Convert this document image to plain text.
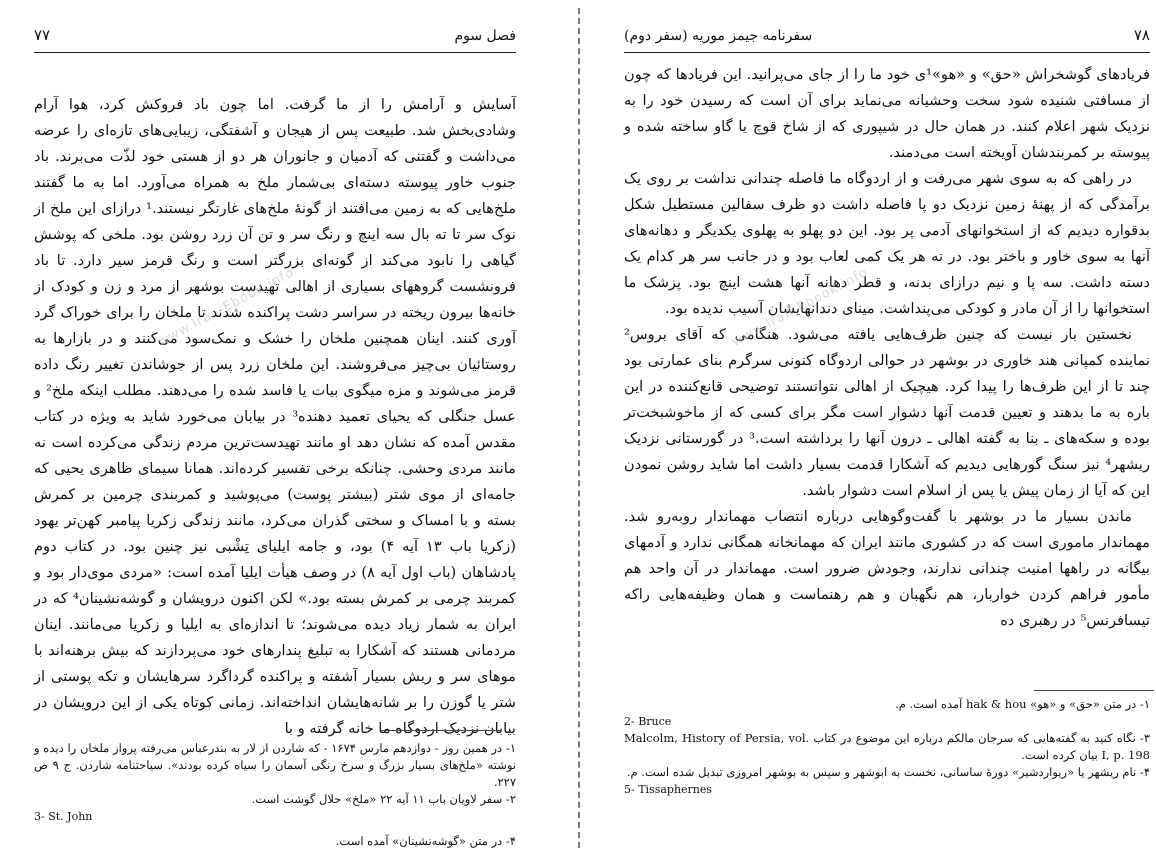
فصل سوم
۷۷

آسایش و آرامش را از ما گرفت. اما چون باد فروکش کرد، هوا آرام وشادی‌بخش شد. طبیعت پس از هیجان و آشفتگی، زیبایی‌های تازه‌ای را عرضه می‌داشت و گفتنی که آدمیان و جانوران هر دو از هستی خود لذّت می‌برند. باد جنوب خاور پیوسته دسته‌ای بی‌شمار ملخ به همراه می‌آورد. اما به ما گفتند ملخ‌هایی که به زمین می‌افتند از گونهٔ ملخ‌های غارتگر نیستند.¹ درازای این ملخ از نوک سر تا ته بال سه اینچ و رنگ سر و تن آن زرد روشن بود. ملخی که پوشش گیاهی را نابود می‌کند از گونه‌ای بزرگتر است و رنگ قرمز سیر دارد. تا باد فرونشست گروههای بسیاری از اهالی تهیدست بوشهر از مرد و زن و کودک از خانه‌ها بیرون ریخته در سراسر دشت پراکنده شدند تا ملخان را برای خوراک گرد آوری کنند. اینان همچنین ملخان را خشک و نمک‌سود می‌کنند و در بازارها به روستائیان بی‌چیز می‌فروشند. این ملخان زرد پس از جوشاندن تغییر رنگ داده قرمز می‌شوند و مزه میگوی بیات یا فاسد شده را می‌دهند. مطلب اینکه ملخ² و عسل جنگلی که یحیای تعمید دهنده³ در بیابان می‌خورد شاید به ویژه در کتاب مقدس آمده که نشان دهد او مانند تهیدست‌ترین مردم زندگی می‌کرده است نه مانند مردی وحشی. چنانکه برخی تفسیر کرده‌اند. همانا سیمای ظاهری یحیی که جامه‌ای از موی شتر (بیشتر پوست) می‌پوشید و کمربندی چرمین بر کمرش بسته و با امساک و سختی گذران می‌کرد، مانند زندگی زکریا پیامبر کهن‌تر یهود (زکریا باب ۱۳ آیه ۴) بود، و جامه ایلیای تِشْبی نیز چنین بود. در کتاب دوم پادشاهان (باب اول آیه ۸) در وصف هیأت ایلیا آمده است: «مردی موی‌دار بود و کمربند چرمی بر کمرش بسته بود.» لکن اکنون درویشان و گوشه‌نشینان⁴ که در ایران به شمار زیاد دیده می‌شوند؛ تا اندازه‌ای به ایلیا و زکریا می‌مانند. اینان مردمانی هستند که آشکارا به تبلیغ پندارهای خود می‌پردازند که بیش برهنه‌اند با موهای سر و ریش بسیار آشفته و پراکنده گرداگرد سرهایشان و تکه پوستی از شتر یا گوزن را بر شانه‌هایشان انداخته‌اند. زمانی کوتاه یکی از این درویشان در بیابان نزدیک اردوگاه ما خانه گرفته و با

www.Iran-Ebook.info

۱- در همین روز - دوازدهم مارس ۱۶۷۴ - که شاردن از لار به بندرعباس می‌رفته پرواز ملخان را دیده و نوشته «ملخ‌های بسیار بزرگ و سرخ رنگی آسمان را سیاه کرده بودند». سیاحتنامه شاردن. ج ۹ ص ۲۲۷.

۲- سفر لاویان باب ۱۱ آیه ۲۲ «ملخ» حلال گوشت است.

3- St. John

۴- در متن «گوشه‌نشینان» آمده است.

۷۸
سفرنامه جیمز موریه (سفر دوم)

فریادهای گوشخراش «حق» و «هو»¹ی خود ما را از جای می‌پرانید. این فریادها که چون از مسافتی شنیده شود سخت وحشیانه می‌نماید برای آن است که رسیدن خود را به نزدیک شهر اعلام کنند. در همان حال در شیپوری که از شاخ قوچ یا گاو ساخته شده و پیوسته بر کمربندشان آویخته است می‌دمند.

در راهی که به سوی شهر می‌رفت و از اردوگاه ما فاصله چندانی نداشت بر روی یک برآمدگی که از پهنهٔ زمین نزدیک دو پا فاصله داشت دو ظرف سفالین مستطیل شکل بدقواره دیدیم که از استخوانهای آدمی پر بود. این دو پهلو به پهلوی یکدیگر و دهانه‌های آنها به سوی خاور و باختر بود. در ته هر یک کمی لعاب بود و در جانب سر هر کدام یک دسته داشت. سه پا و نیم درازای بدنه، و قطر دهانه آنها هشت اینچ بود. پزشک ما استخوانها را از آن مادر و کودکی می‌پنداشت. مینای دندانهایشان آسیب ندیده بود.

نخستین بار نیست که چنین ظرف‌هایی یافته می‌شود. هنگامی که آقای بروس² نماینده کمپانی هند خاوری در بوشهر در حوالی اردوگاه کنونی سرگرم بنای عمارتی بود چند تا از این ظرف‌ها را پیدا کرد. هیچیک از اهالی نتوانستند توضیحی قانع‌کننده در این باره به ما بدهند و تعیین قدمت آنها دشوار است مگر برای کسی که از ماخوشبخت‌تر بوده و سکه‌های ـ بنا به گفته اهالی ـ درون آنها را برداشته است.³ در گورستانی نزدیک ریشهر⁴ نیز سنگ گورهایی دیدیم که آشکارا قدمت بسیار داشت اما شاید روشن نمودن این که آیا از زمان پیش یا پس از اسلام است دشوار باشد.

ماندن بسیار ما در بوشهر با گفت‌وگوهایی درباره انتصاب مهماندار روبه‌رو شد. مهماندار ماموری است که در کشوری مانند ایران که مهمانخانه همگانی ندارد و آدمهای بیگانه در راهها امنیت چندانی ندارند، وجودش ضرور است. مهماندار در آن واحد هم مأمور فراهم کردن خواربار، هم نگهبان و هم رهنماست و همان وظیفه‌هایی راکه تیسافرنس⁵ در رهبری ده

www.Iran-Ebook.info

۱- در متن «حق» و «هو» hak & hou آمده است. م.

2- Bruce

۳- نگاه کنید به گفته‌هایی که سرجان مالکم درباره این موضوع در کتاب Malcolm, History of Persia, vol. I, p. 198 بیان کرده است.

۴- نام ریشهر یا «ریوارد‌شیر» دورهٔ ساسانی، نخست به ابوشهر و سپس به بوشهر امروزی تبدیل شده است. م.

5- Tissaphernes
